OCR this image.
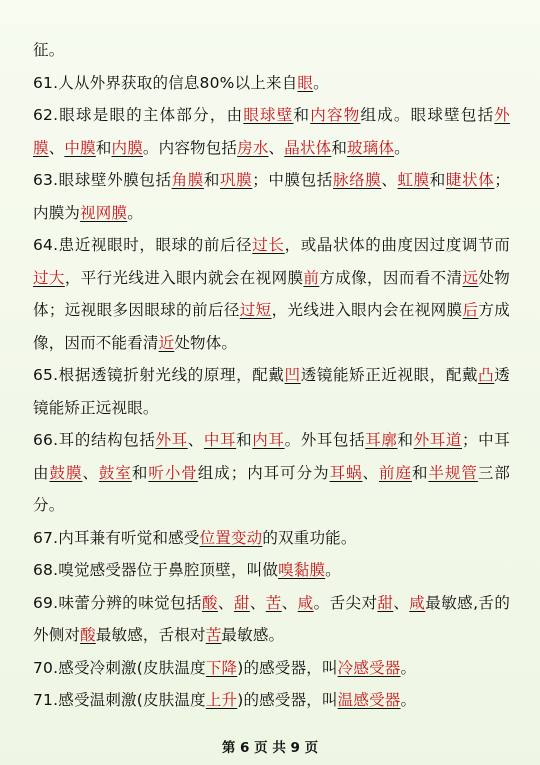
征。

61.人从外界获取的信息80%以上来自眼。

62.眼球是眼的主体部分，由眼球壁和内容物组成。眼球壁包括外膜、中膜和内膜。内容物包括房水、晶状体和玻璃体。

63.眼球壁外膜包括角膜和巩膜；中膜包括脉络膜、虹膜和睫状体；内膜为视网膜。

64.患近视眼时，眼球的前后径过长，或晶状体的曲度因过度调节而过大，平行光线进入眼内就会在视网膜前方成像，因而看不清远处物体；远视眼多因眼球的前后径过短，光线进入眼内会在视网膜后方成像，因而不能看清近处物体。

65.根据透镜折射光线的原理，配戴凹透镜能矫正近视眼，配戴凸透镜能矫正远视眼。

66.耳的结构包括外耳、中耳和内耳。外耳包括耳廓和外耳道；中耳由鼓膜、鼓室和听小骨组成；内耳可分为耳蜗、前庭和半规管三部分。

67.内耳兼有听觉和感受位置变动的双重功能。

68.嗅觉感受器位于鼻腔顶壁，叫做嗅黏膜。

69.味蕾分辨的味觉包括酸、甜、苦、咸。舌尖对甜、咸最敏感,舌的外侧对酸最敏感，舌根对苦最敏感。

70.感受冷刺激(皮肤温度下降)的感受器，叫冷感受器。

71.感受温刺激(皮肤温度上升)的感受器，叫温感受器。

第 6 页 共 9 页
